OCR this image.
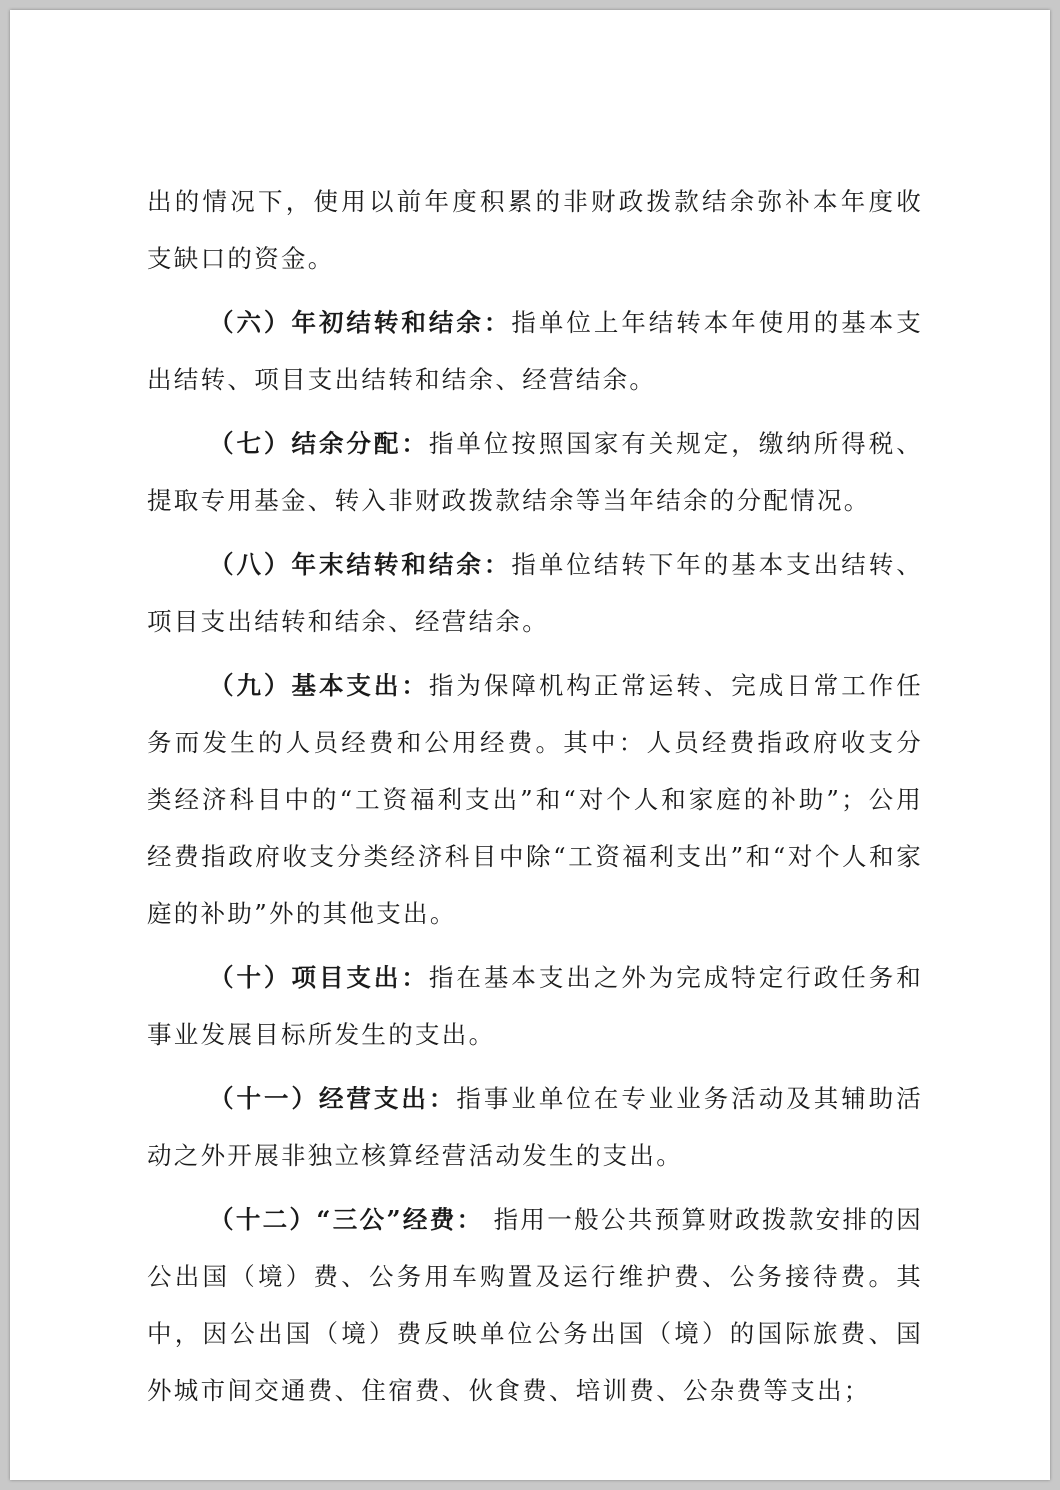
出的情况下，使用以前年度积累的非财政拨款结余弥补本年度收支缺口的资金。

（六）年初结转和结余：指单位上年结转本年使用的基本支出结转、项目支出结转和结余、经营结余。

（七）结余分配：指单位按照国家有关规定，缴纳所得税、提取专用基金、转入非财政拨款结余等当年结余的分配情况。

（八）年末结转和结余：指单位结转下年的基本支出结转、项目支出结转和结余、经营结余。

（九）基本支出：指为保障机构正常运转、完成日常工作任务而发生的人员经费和公用经费。其中：人员经费指政府收支分类经济科目中的“工资福利支出”和“对个人和家庭的补助”；公用经费指政府收支分类经济科目中除“工资福利支出”和“对个人和家庭的补助”外的其他支出。

（十）项目支出：指在基本支出之外为完成特定行政任务和事业发展目标所发生的支出。

（十一）经营支出：指事业单位在专业业务活动及其辅助活动之外开展非独立核算经营活动发生的支出。

（十二）“三公”经费： 指用一般公共预算财政拨款安排的因公出国（境）费、公务用车购置及运行维护费、公务接待费。其中，因公出国（境）费反映单位公务出国（境）的国际旅费、国 外城市间交通费、住宿费、伙食费、培训费、公杂费等支出；
